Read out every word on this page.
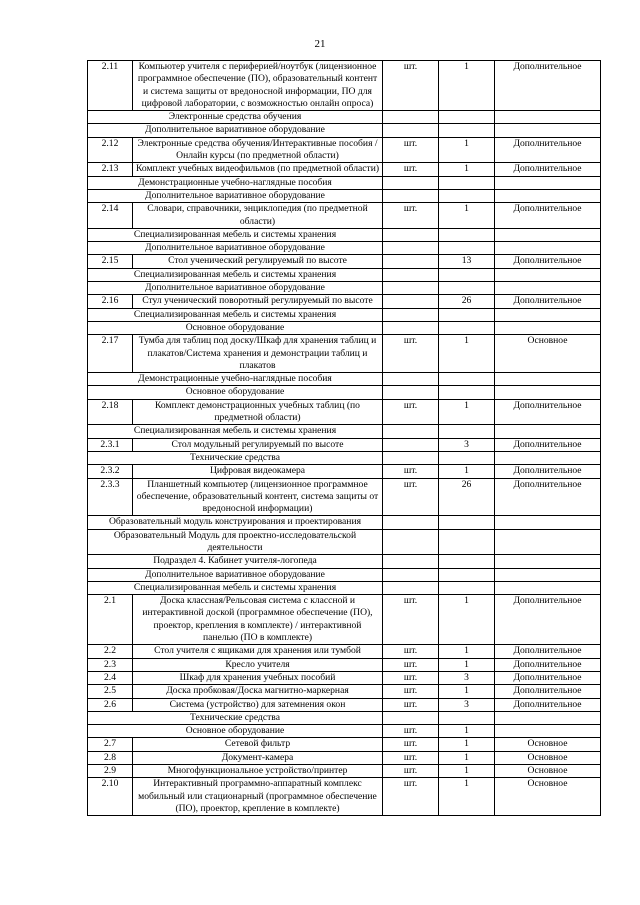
21
2.11	Компьютер учителя с периферией/ноутбук (лицензионное программное обеспечение (ПО), образовательный контент и система защиты от вредоносной информации, ПО для цифровой лаборатории, с возможностью онлайн опроса)	шт.	1	Дополнительное
Электронные средства обучения				
Дополнительное вариативное оборудование				
2.12	Электронные средства обучения/Интерактивные пособия / Онлайн курсы (по предметной области)	шт.	1	Дополнительное
2.13	Комплект учебных видеофильмов (по предметной области)	шт.	1	Дополнительное
Демонстрационные учебно-наглядные пособия				
Дополнительное вариативное оборудование				
2.14	Словари, справочники, энциклопедия (по предметной области)	шт.	1	Дополнительное
Специализированная мебель и системы хранения				
Дополнительное вариативное оборудование				
2.15	Стол ученический регулируемый по высоте		13	Дополнительное
Специализированная мебель и системы хранения				
Дополнительное вариативное оборудование				
2.16	Стул ученический поворотный регулируемый по высоте		26	Дополнительное
Специализированная мебель и системы хранения				
Основное оборудование				
2.17	Тумба для таблиц под доску/Шкаф для хранения таблиц и плакатов/Система хранения и демонстрации таблиц и плакатов	шт.	1	Основное
Демонстрационные учебно-наглядные пособия				
Основное оборудование				
2.18	Комплект демонстрационных учебных таблиц (по предметной области)	шт.	1	Дополнительное
Специализированная мебель и системы хранения				
2.3.1	Стол модульный регулируемый по высоте		3	Дополнительное
Технические средства				
2.3.2	Цифровая видеокамера	шт.	1	Дополнительное
2.3.3	Планшетный компьютер (лицензионное программное обеспечение, образовательный контент, система защиты от вредоносной информации)	шт.	26	Дополнительное
Образовательный модуль конструирования и проектирования				
Образовательный Модуль для проектно-исследовательской деятельности				
Подраздел 4. Кабинет учителя-логопеда				
Дополнительное вариативное оборудование				
Специализированная мебель и системы хранения				
2.1	Доска классная/Рельсовая система с классной и интерактивной доской (программное обеспечение (ПО), проектор, крепления в комплекте) / интерактивной панелью (ПО в комплекте)	шт.	1	Дополнительное
2.2	Стол учителя с ящиками для хранения или тумбой	шт.	1	Дополнительное
2.3	Кресло учителя	шт.	1	Дополнительное
2.4	Шкаф для хранения учебных пособий	шт.	3	Дополнительное
2.5	Доска пробковая/Доска магнитно-маркерная	шт.	1	Дополнительное
2.6	Система (устройство) для затемнения окон	шт.	3	Дополнительное
Технические средства				
Основное оборудование		шт.	1	
2.7	Сетевой фильтр	шт.	1	Основное
2.8	Документ-камера	шт.	1	Основное
2.9	Многофункциональное устройство/принтер	шт.	1	Основное
2.10	Интерактивный программно-аппаратный комплекс мобильный или стационарный (программное обеспечение (ПО), проектор, крепление в комплекте)	шт.	1	Основное
